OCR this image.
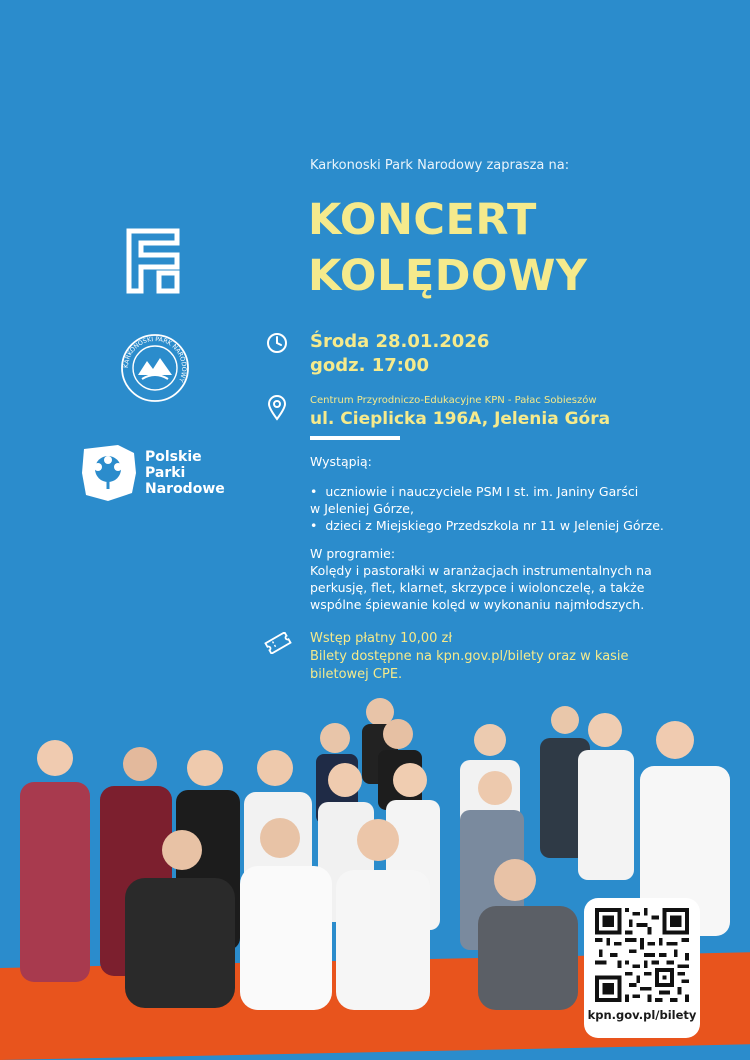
KARKONOSKI PARK NARODOWY
Polskie
Parki
Narodowe
Karkonoski Park Narodowy zaprasza na:
KONCERT
KOLĘDOWY
Środa 28.01.2026
godz. 17:00
Centrum Przyrodniczo-Edukacyjne KPN - Pałac Sobieszów
ul. Cieplicka 196A, Jelenia Góra
Wystąpią:
•  uczniowie i nauczyciele PSM I st. im. Janiny Garści
w Jeleniej Górze,
•  dzieci z Miejskiego Przedszkola nr 11 w Jeleniej Górze.
W programie:
Kolędy i pastorałki w aranżacjach instrumentalnych na perkusję, flet, klarnet, skrzypce i wiolonczelę, a także wspólne śpiewanie kolęd w wykonaniu najmłodszych.
Wstęp płatny 10,00 zł
Bilety dostępne na kpn.gov.pl/bilety oraz w kasie biletowej CPE.
kpn.gov.pl/bilety
